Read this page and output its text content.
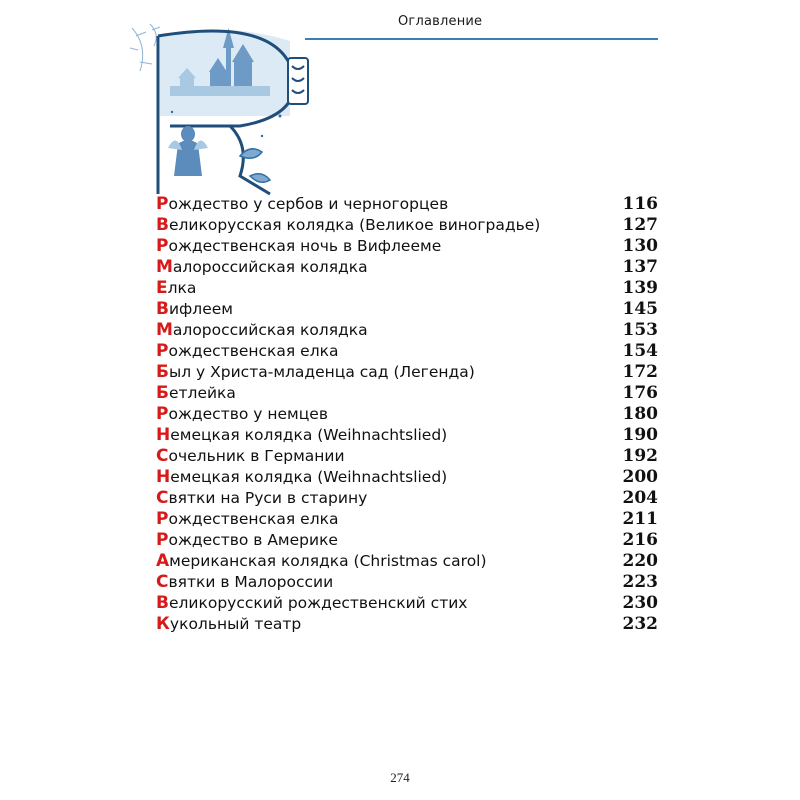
Оглавление
Рождество у сербов и черногорцев	116
Великорусская колядка (Великое виноградье)	127
Рождественская ночь в Вифлееме	130
Малороссийская колядка	137
Елка	139
Вифлеем	145
Малороссийская колядка	153
Рождественская елка	154
Был у Христа-младенца сад (Легенда)	172
Бетлейка	176
Рождество у немцев	180
Немецкая колядка (Weihnachtslied)	190
Сочельник в Германии	192
Немецкая колядка (Weihnachtslied)	200
Святки на Руси в старину	204
Рождественская елка	211
Рождество в Америке	216
Американская колядка (Christmas carol)	220
Святки в Малороссии	223
Великорусский рождественский стих	230
Кукольный театр	232
274
